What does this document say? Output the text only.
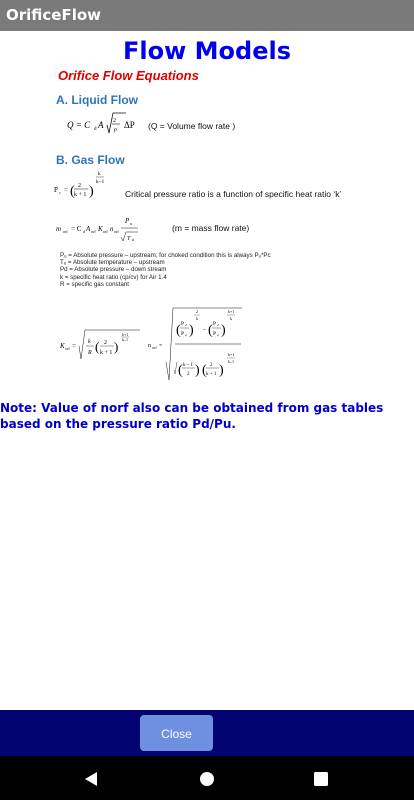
OrificeFlow
Flow Models
Orifice Flow Equations
A. Liquid Flow
Q = C d A 2
ρ ΔP (Q = Volume flow rate )
B. Gas Flow
P c = ( 2
k + 1 )
k
k–1
Critical pressure ratio is a function of specific heat ratio ‘k’
m orf = C d A orf K orf n orf
P u
T u
(m = mass flow rate)
Pᵤ = Absolute pressure – upstream; for choked condition this is always Pᵤ*Pc
Tᵤ = Absolute temperature – upstream
Pd = Absolute pressure – down stream
k = specific heat ratio (cp/cv) for Air 1.4
R = specific gas constant
K orf = k
R ( 2
k + 1 )
k+1
k–1
n orf =
( P d
P u )
2
k
– ( P d
P u )
k+1
k
( k – 1
2 ) ( 2
k + 1 )
k+1
k–1
Note: Value of norf also can be obtained from gas tables based on the pressure ratio Pd/Pu.
Close
